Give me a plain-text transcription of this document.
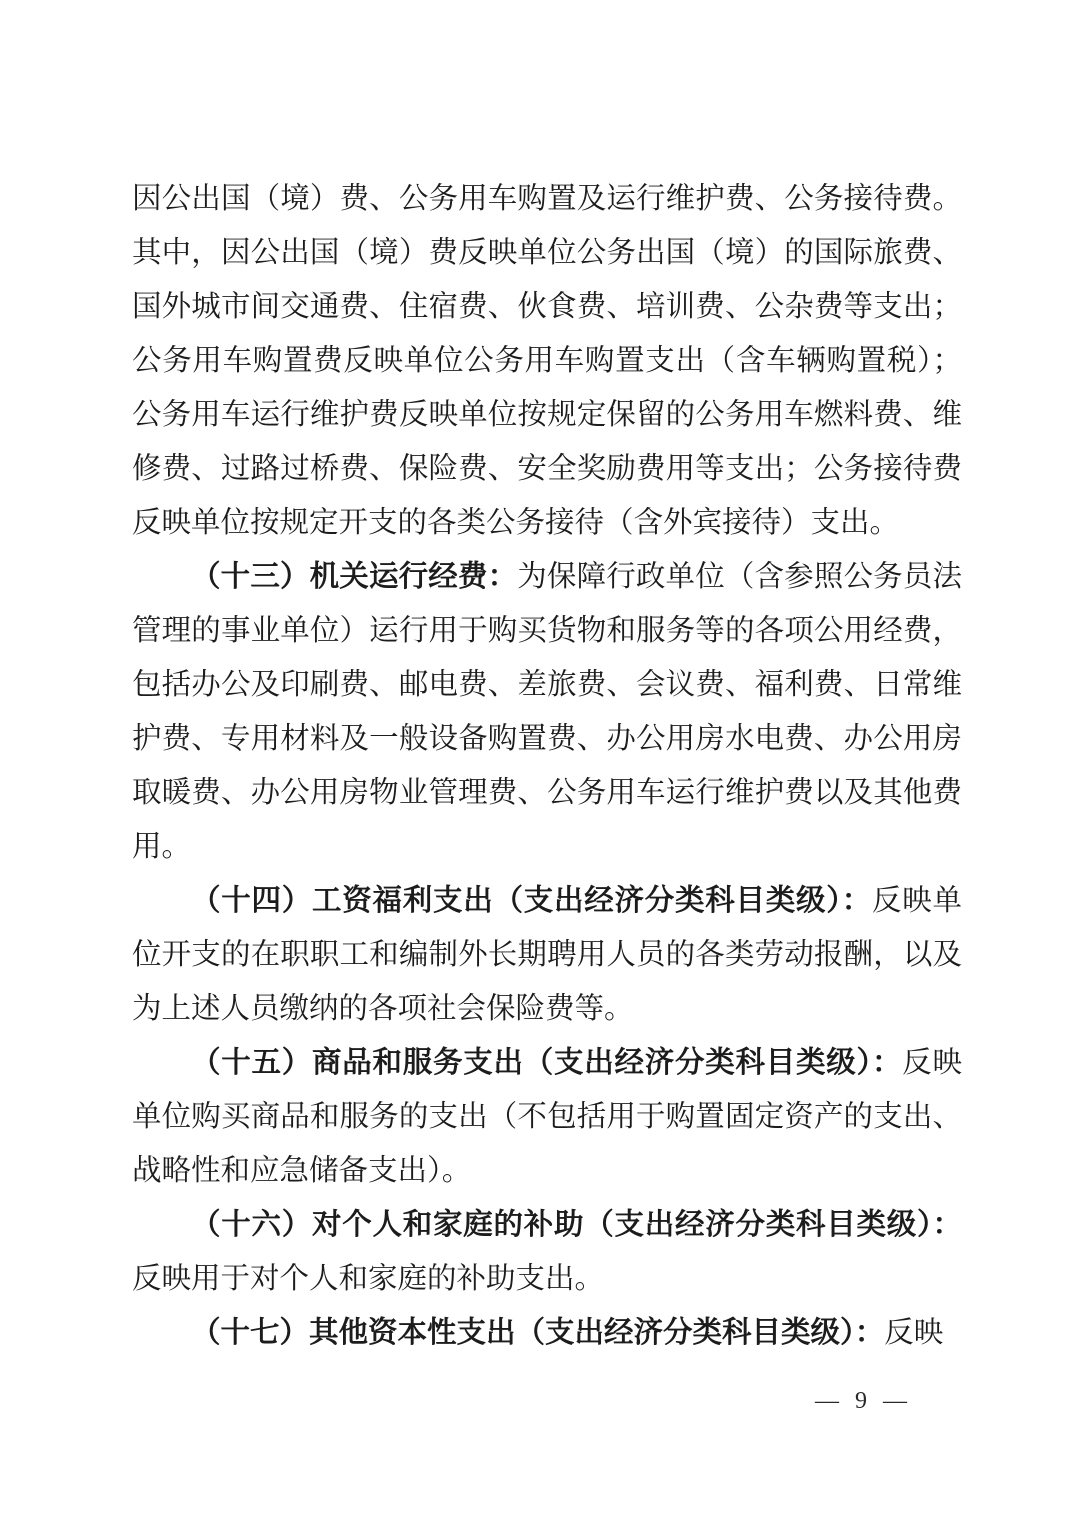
因公出国（境）费、公务用车购置及运行维护费、公务接待费。其中，因公出国（境）费反映单位公务出国（境）的国际旅费、国外城市间交通费、住宿费、伙食费、培训费、公杂费等支出；公务用车购置费反映单位公务用车购置支出（含车辆购置税）；公务用车运行维护费反映单位按规定保留的公务用车燃料费、维修费、过路过桥费、保险费、安全奖励费用等支出；公务接待费反映单位按规定开支的各类公务接待（含外宾接待）支出。

（十三）机关运行经费：为保障行政单位（含参照公务员法管理的事业单位）运行用于购买货物和服务等的各项公用经费，包括办公及印刷费、邮电费、差旅费、会议费、福利费、日常维护费、专用材料及一般设备购置费、办公用房水电费、办公用房取暖费、办公用房物业管理费、公务用车运行维护费以及其他费用。

（十四）工资福利支出（支出经济分类科目类级）：反映单位开支的在职职工和编制外长期聘用人员的各类劳动报酬，以及为上述人员缴纳的各项社会保险费等。

（十五）商品和服务支出（支出经济分类科目类级）：反映单位购买商品和服务的支出（不包括用于购置固定资产的支出、战略性和应急储备支出）。

（十六）对个人和家庭的补助（支出经济分类科目类级）：反映用于对个人和家庭的补助支出。

（十七）其他资本性支出（支出经济分类科目类级）：反映

— 9 —
